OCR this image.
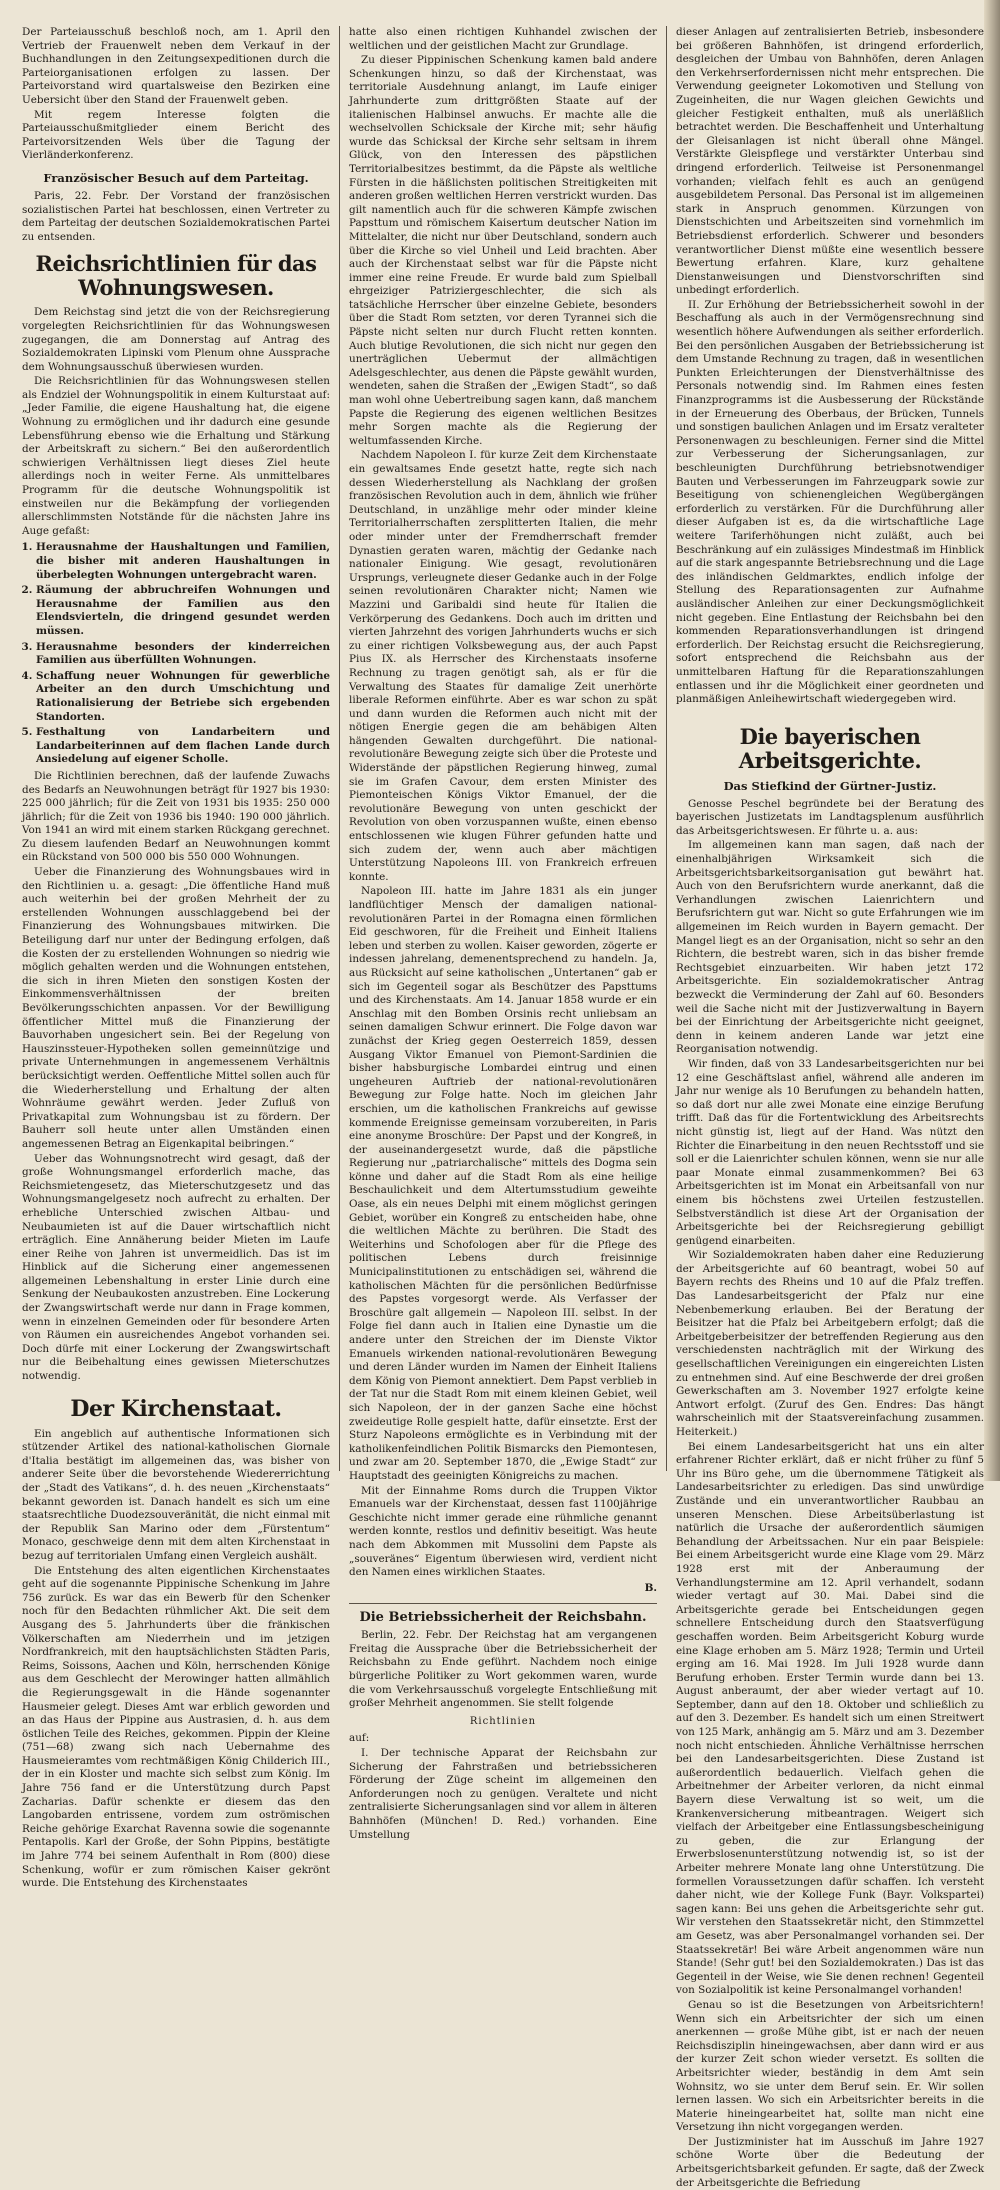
Der Parteiausschuß beschloß noch, am 1. April den Vertrieb der Frauenwelt neben dem Verkauf in der Buchhandlungen in den Zeitungsexpeditionen durch die Parteiorganisationen erfolgen zu lassen. Der Parteivorstand wird quartalsweise den Bezirken eine Uebersicht über den Stand der Frauenwelt geben.

Mit regem Interesse folgten die Parteiausschußmitglieder einem Bericht des Parteivorsitzenden Wels über die Tagung der Vierländerkonferenz.

Französischer Besuch auf dem Parteitag.

Paris, 22. Febr. Der Vorstand der französischen sozialistischen Partei hat beschlossen, einen Vertreter zu dem Parteitag der deutschen Sozialdemokratischen Partei zu entsenden.

Reichsrichtlinien für das Wohnungswesen.

Dem Reichstag sind jetzt die von der Reichsregierung vorgelegten Reichsrichtlinien für das Wohnungswesen zugegangen, die am Donnerstag auf Antrag des Sozialdemokraten Lipinski vom Plenum ohne Aussprache dem Wohnungsausschuß überwiesen wurden.

Die Reichsrichtlinien für das Wohnungswesen stellen als Endziel der Wohnungspolitik in einem Kulturstaat auf: „Jeder Familie, die eigene Haushaltung hat, die eigene Wohnung zu ermöglichen und ihr dadurch eine gesunde Lebensführung ebenso wie die Erhaltung und Stärkung der Arbeitskraft zu sichern.“ Bei den außerordentlich schwierigen Verhältnissen liegt dieses Ziel heute allerdings noch in weiter Ferne. Als unmittelbares Programm für die deutsche Wohnungspolitik ist einstweilen nur die Bekämpfung der vorliegenden allerschlimmsten Notstände für die nächsten Jahre ins Auge gefaßt:

1. Herausnahme der Haushaltungen und Familien, die bisher mit anderen Haushaltungen in überbelegten Wohnungen untergebracht waren.
2. Räumung der abbruchreifen Wohnungen und Herausnahme der Familien aus den Elendsvierteln, die dringend gesundet werden müssen.
3. Herausnahme besonders der kinderreichen Familien aus überfüllten Wohnungen.
4. Schaffung neuer Wohnungen für gewerbliche Arbeiter an den durch Umschichtung und Rationalisierung der Betriebe sich ergebenden Standorten.
5. Festhaltung von Landarbeitern und Landarbeiterinnen auf dem flachen Lande durch Ansiedelung auf eigener Scholle.

Die Richtlinien berechnen, daß der laufende Zuwachs des Bedarfs an Neuwohnungen beträgt für 1927 bis 1930: 225 000 jährlich; für die Zeit von 1931 bis 1935: 250 000 jährlich; für die Zeit von 1936 bis 1940: 190 000 jährlich. Von 1941 an wird mit einem starken Rückgang gerechnet. Zu diesem laufenden Bedarf an Neuwohnungen kommt ein Rückstand von 500 000 bis 550 000 Wohnungen.

Ueber die Finanzierung des Wohnungsbaues wird in den Richtlinien u. a. gesagt: „Die öffentliche Hand muß auch weiterhin bei der großen Mehrheit der zu erstellenden Wohnungen ausschlaggebend bei der Finanzierung des Wohnungsbaues mitwirken. Die Beteiligung darf nur unter der Bedingung erfolgen, daß die Kosten der zu erstellenden Wohnungen so niedrig wie möglich gehalten werden und die Wohnungen entstehen, die sich in ihren Mieten den sonstigen Kosten der Einkommensverhältnissen der breiten Bevölkerungsschichten anpassen. Vor der Bewilligung öffentlicher Mittel muß die Finanzierung der Bauvorhaben ungesichert sein. Bei der Regelung von Hauszinssteuer-Hypotheken sollen gemeinnützige und private Unternehmungen in angemessenem Verhältnis berücksichtigt werden. Oeffentliche Mittel sollen auch für die Wiederherstellung und Erhaltung der alten Wohnräume gewährt werden. Jeder Zufluß von Privatkapital zum Wohnungsbau ist zu fördern. Der Bauherr soll heute unter allen Umständen einen angemessenen Betrag an Eigenkapital beibringen.“

Ueber das Wohnungsnotrecht wird gesagt, daß der große Wohnungsmangel erforderlich mache, das Reichsmietengesetz, das Mieterschutzgesetz und das Wohnungsmangelgesetz noch aufrecht zu erhalten. Der erhebliche Unterschied zwischen Altbau- und Neubaumieten ist auf die Dauer wirtschaftlich nicht erträglich. Eine Annäherung beider Mieten im Laufe einer Reihe von Jahren ist unvermeidlich. Das ist im Hinblick auf die Sicherung einer angemessenen allgemeinen Lebenshaltung in erster Linie durch eine Senkung der Neubaukosten anzustreben. Eine Lockerung der Zwangswirtschaft werde nur dann in Frage kommen, wenn in einzelnen Gemeinden oder für besondere Arten von Räumen ein ausreichendes Angebot vorhanden sei. Doch dürfe mit einer Lockerung der Zwangswirtschaft nur die Beibehaltung eines gewissen Mieterschutzes notwendig.

Der Kirchenstaat.

Ein angeblich auf authentische Informationen sich stützender Artikel des national-katholischen Giornale d'Italia bestätigt im allgemeinen das, was bisher von anderer Seite über die bevorstehende Wiedererrichtung der „Stadt des Vatikans“, d. h. des neuen „Kirchenstaats“ bekannt geworden ist. Danach handelt es sich um eine staatsrechtliche Duodezsouveränität, die nicht einmal mit der Republik San Marino oder dem „Fürstentum“ Monaco, geschweige denn mit dem alten Kirchenstaat in bezug auf territorialen Umfang einen Vergleich aushält.

Die Entstehung des alten eigentlichen Kirchenstaates geht auf die sogenannte Pippinische Schenkung im Jahre 756 zurück. Es war das ein Bewerb für den Schenker noch für den Bedachten rühmlicher Akt. Die seit dem Ausgang des 5. Jahrhunderts über die fränkischen Völkerschaften am Niederrhein und im jetzigen Nordfrankreich, mit den hauptsächlichsten Städten Paris, Reims, Soissons, Aachen und Köln, herrschenden Könige aus dem Geschlecht der Merowinger hatten allmählich die Regierungsgewalt in die Hände sogenannter Hausmeier gelegt. Dieses Amt war erblich geworden und an das Haus der Pippine aus Austrasien, d. h. aus dem östlichen Teile des Reiches, gekommen. Pippin der Kleine (751—68) zwang sich nach Uebernahme des Hausmeieramtes vom rechtmäßigen König Childerich III., der in ein Kloster und machte sich selbst zum König. Im Jahre 756 fand er die Unterstützung durch Papst Zacharias. Dafür schenkte er diesem das den Langobarden entrissene, vordem zum oströmischen Reiche gehörige Exarchat Ravenna sowie die sogenannte Pentapolis. Karl der Große, der Sohn Pippins, bestätigte im Jahre 774 bei seinem Aufenthalt in Rom (800) diese Schenkung, wofür er zum römischen Kaiser gekrönt wurde. Die Entstehung des Kirchenstaates

hatte also einen richtigen Kuhhandel zwischen der weltlichen und der geistlichen Macht zur Grundlage.

Zu dieser Pippinischen Schenkung kamen bald andere Schenkungen hinzu, so daß der Kirchenstaat, was territoriale Ausdehnung anlangt, im Laufe einiger Jahrhunderte zum drittgrößten Staate auf der italienischen Halbinsel anwuchs. Er machte alle die wechselvollen Schicksale der Kirche mit; sehr häufig wurde das Schicksal der Kirche sehr seltsam in ihrem Glück, von den Interessen des päpstlichen Territorialbesitzes bestimmt, da die Päpste als weltliche Fürsten in die häßlichsten politischen Streitigkeiten mit anderen großen weltlichen Herren verstrickt wurden. Das gilt namentlich auch für die schweren Kämpfe zwischen Papsttum und römischem Kaisertum deutscher Nation im Mittelalter, die nicht nur über Deutschland, sondern auch über die Kirche so viel Unheil und Leid brachten. Aber auch der Kirchenstaat selbst war für die Päpste nicht immer eine reine Freude. Er wurde bald zum Spielball ehrgeiziger Patriziergeschlechter, die sich als tatsächliche Herrscher über einzelne Gebiete, besonders über die Stadt Rom setzten, vor deren Tyrannei sich die Päpste nicht selten nur durch Flucht retten konnten. Auch blutige Revolutionen, die sich nicht nur gegen den unerträglichen Uebermut der allmächtigen Adelsgeschlechter, aus denen die Päpste gewählt wurden, wendeten, sahen die Straßen der „Ewigen Stadt“, so daß man wohl ohne Uebertreibung sagen kann, daß manchem Papste die Regierung des eigenen weltlichen Besitzes mehr Sorgen machte als die Regierung der weltumfassenden Kirche.

Nachdem Napoleon I. für kurze Zeit dem Kirchenstaate ein gewaltsames Ende gesetzt hatte, regte sich nach dessen Wiederherstellung als Nachklang der großen französischen Revolution auch in dem, ähnlich wie früher Deutschland, in unzählige mehr oder minder kleine Territorialherrschaften zersplitterten Italien, die mehr oder minder unter der Fremdherrschaft fremder Dynastien geraten waren, mächtig der Gedanke nach nationaler Einigung. Wie gesagt, revolutionären Ursprungs, verleugnete dieser Gedanke auch in der Folge seinen revolutionären Charakter nicht; Namen wie Mazzini und Garibaldi sind heute für Italien die Verkörperung des Gedankens. Doch auch im dritten und vierten Jahrzehnt des vorigen Jahrhunderts wuchs er sich zu einer richtigen Volksbewegung aus, der auch Papst Pius IX. als Herrscher des Kirchenstaats insoferne Rechnung zu tragen genötigt sah, als er für die Verwaltung des Staates für damalige Zeit unerhörte liberale Reformen einführte. Aber es war schon zu spät und dann wurden die Reformen auch nicht mit der nötigen Energie gegen die am behäbigen Alten hängenden Gewalten durchgeführt. Die national-revolutionäre Bewegung zeigte sich über die Proteste und Widerstände der päpstlichen Regierung hinweg, zumal sie im Grafen Cavour, dem ersten Minister des Piemonteischen Königs Viktor Emanuel, der die revolutionäre Bewegung von unten geschickt der Revolution von oben vorzuspannen wußte, einen ebenso entschlossenen wie klugen Führer gefunden hatte und sich zudem der, wenn auch aber mächtigen Unterstützung Napoleons III. von Frankreich erfreuen konnte.

Napoleon III. hatte im Jahre 1831 als ein junger landflüchtiger Mensch der damaligen national-revolutionären Partei in der Romagna einen förmlichen Eid geschworen, für die Freiheit und Einheit Italiens leben und sterben zu wollen. Kaiser geworden, zögerte er indessen jahrelang, demenentsprechend zu handeln. Ja, aus Rücksicht auf seine katholischen „Untertanen“ gab er sich im Gegenteil sogar als Beschützer des Papsttums und des Kirchenstaats. Am 14. Januar 1858 wurde er ein Anschlag mit den Bomben Orsinis recht unliebsam an seinen damaligen Schwur erinnert. Die Folge davon war zunächst der Krieg gegen Oesterreich 1859, dessen Ausgang Viktor Emanuel von Piemont-Sardinien die bisher habsburgische Lombardei eintrug und einen ungeheuren Auftrieb der national-revolutionären Bewegung zur Folge hatte. Noch im gleichen Jahr erschien, um die katholischen Frankreichs auf gewisse kommende Ereignisse gemeinsam vorzubereiten, in Paris eine anonyme Broschüre: Der Papst und der Kongreß, in der auseinandergesetzt wurde, daß die päpstliche Regierung nur „patriarchalische“ mittels des Dogma sein könne und daher auf die Stadt Rom als eine heilige Beschaulichkeit und dem Altertumsstudium geweihte Oase, als ein neues Delphi mit einem möglichst geringen Gebiet, worüber ein Kongreß zu entscheiden habe, ohne die weltlichen Mächte zu berühren. Die Stadt des Weiterhins und Schofologen aber für die Pflege des politischen Lebens durch freisinnige Municipalinstitutionen zu entschädigen sei, während die katholischen Mächten für die persönlichen Bedürfnisse des Papstes vorgesorgt werde. Als Verfasser der Broschüre galt allgemein — Napoleon III. selbst. In der Folge fiel dann auch in Italien eine Dynastie um die andere unter den Streichen der im Dienste Viktor Emanuels wirkenden national-revolutionären Bewegung und deren Länder wurden im Namen der Einheit Italiens dem König von Piemont annektiert. Dem Papst verblieb in der Tat nur die Stadt Rom mit einem kleinen Gebiet, weil sich Napoleon, der in der ganzen Sache eine höchst zweideutige Rolle gespielt hatte, dafür einsetzte. Erst der Sturz Napoleons ermöglichte es in Verbindung mit der katholikenfeindlichen Politik Bismarcks den Piemontesen, und zwar am 20. September 1870, die „Ewige Stadt“ zur Hauptstadt des geeinigten Königreichs zu machen.

Mit der Einnahme Roms durch die Truppen Viktor Emanuels war der Kirchenstaat, dessen fast 1100jährige Geschichte nicht immer gerade eine rühmliche genannt werden konnte, restlos und definitiv beseitigt. Was heute nach dem Abkommen mit Mussolini dem Papste als „souveränes“ Eigentum überwiesen wird, verdient nicht den Namen eines wirklichen Staates.

B.
Die Betriebssicherheit der Reichsbahn.

Berlin, 22. Febr. Der Reichstag hat am vergangenen Freitag die Aussprache über die Betriebssicherheit der Reichsbahn zu Ende geführt. Nachdem noch einige bürgerliche Politiker zu Wort gekommen waren, wurde die vom Verkehrsausschuß vorgelegte Entschließung mit großer Mehrheit angenommen. Sie stellt folgende

Richtlinien

auf:

I. Der technische Apparat der Reichsbahn zur Sicherung der Fahrstraßen und betriebssicheren Förderung der Züge scheint im allgemeinen den Anforderungen noch zu genügen. Veraltete und nicht zentralisierte Sicherungsanlagen sind vor allem in älteren Bahnhöfen (München! D. Red.) vorhanden. Eine Umstellung

dieser Anlagen auf zentralisierten Betrieb, insbesondere bei größeren Bahnhöfen, ist dringend erforderlich, desgleichen der Umbau von Bahnhöfen, deren Anlagen den Verkehrserfordernissen nicht mehr entsprechen. Die Verwendung geeigneter Lokomotiven und Stellung von Zugeinheiten, die nur Wagen gleichen Gewichts und gleicher Festigkeit enthalten, muß als unerläßlich betrachtet werden. Die Beschaffenheit und Unterhaltung der Gleisanlagen ist nicht überall ohne Mängel. Verstärkte Gleispflege und verstärkter Unterbau sind dringend erforderlich. Teilweise ist Personenmangel vorhanden; vielfach fehlt es auch an genügend ausgebildetem Personal. Das Personal ist im allgemeinen stark in Anspruch genommen. Kürzungen von Dienstschichten und Arbeitszeiten sind vornehmlich im Betriebsdienst erforderlich. Schwerer und besonders verantwortlicher Dienst müßte eine wesentlich bessere Bewertung erfahren. Klare, kurz gehaltene Dienstanweisungen und Dienstvorschriften sind unbedingt erforderlich.

II. Zur Erhöhung der Betriebssicherheit sowohl in der Beschaffung als auch in der Vermögensrechnung sind wesentlich höhere Aufwendungen als seither erforderlich. Bei den persönlichen Ausgaben der Betriebssicherung ist dem Umstande Rechnung zu tragen, daß in wesentlichen Punkten Erleichterungen der Dienstverhältnisse des Personals notwendig sind. Im Rahmen eines festen Finanzprogramms ist die Ausbesserung der Rückstände in der Erneuerung des Oberbaus, der Brücken, Tunnels und sonstigen baulichen Anlagen und im Ersatz veralteter Personenwagen zu beschleunigen. Ferner sind die Mittel zur Verbesserung der Sicherungsanlagen, zur beschleunigten Durchführung betriebsnotwendiger Bauten und Verbesserungen im Fahrzeugpark sowie zur Beseitigung von schienengleichen Wegübergängen erforderlich zu verstärken. Für die Durchführung aller dieser Aufgaben ist es, da die wirtschaftliche Lage weitere Tariferhöhungen nicht zuläßt, auch bei Beschränkung auf ein zulässiges Mindestmaß im Hinblick auf die stark angespannte Betriebsrechnung und die Lage des inländischen Geldmarktes, endlich infolge der Stellung des Reparationsagenten zur Aufnahme ausländischer Anleihen zur einer Deckungsmöglichkeit nicht gegeben. Eine Entlastung der Reichsbahn bei den kommenden Reparationsverhandlungen ist dringend erforderlich. Der Reichstag ersucht die Reichsregierung, sofort entsprechend die Reichsbahn aus der unmittelbaren Haftung für die Reparationszahlungen entlassen und ihr die Möglichkeit einer geordneten und planmäßigen Anleihewirtschaft wiedergegeben wird.

Die bayerischen Arbeitsgerichte.
Das Stiefkind der Gürtner-Justiz.

Genosse Peschel begründete bei der Beratung des bayerischen Justizetats im Landtagsplenum ausführlich das Arbeitsgerichtswesen. Er führte u. a. aus:

Im allgemeinen kann man sagen, daß nach der einenhalbjährigen Wirksamkeit sich die Arbeitsgerichtsbarkeitsorganisation gut bewährt hat. Auch von den Berufsrichtern wurde anerkannt, daß die Verhandlungen zwischen Laienrichtern und Berufsrichtern gut war. Nicht so gute Erfahrungen wie im allgemeinen im Reich wurden in Bayern gemacht. Der Mangel liegt es an der Organisation, nicht so sehr an den Richtern, die bestrebt waren, sich in das bisher fremde Rechtsgebiet einzuarbeiten. Wir haben jetzt 172 Arbeitsgerichte. Ein sozialdemokratischer Antrag bezweckt die Verminderung der Zahl auf 60. Besonders weil die Sache nicht mit der Justizverwaltung in Bayern bei der Einrichtung der Arbeitsgerichte nicht geeignet, denn in keinem anderen Lande war jetzt eine Reorganisation notwendig.

Wir finden, daß von 33 Landesarbeitsgerichten nur bei 12 eine Geschäftslast anfiel, während alle anderen im Jahr nur wenige als 10 Berufungen zu behandeln hatten, so daß dort nur alle zwei Monate eine einzige Berufung trifft. Daß das für die Fortentwicklung des Arbeitsrechts nicht günstig ist, liegt auf der Hand. Was nützt den Richter die Einarbeitung in den neuen Rechtsstoff und sie soll er die Laienrichter schulen können, wenn sie nur alle paar Monate einmal zusammenkommen? Bei 63 Arbeitsgerichten ist im Monat ein Arbeitsanfall von nur einem bis höchstens zwei Urteilen festzustellen. Selbstverständlich ist diese Art der Organisation der Arbeitsgerichte bei der Reichsregierung gebilligt genügend einarbeiten.

Wir Sozialdemokraten haben daher eine Reduzierung der Arbeitsgerichte auf 60 beantragt, wobei 50 auf Bayern rechts des Rheins und 10 auf die Pfalz treffen. Das Landesarbeitsgericht der Pfalz nur eine Nebenbemerkung erlauben. Bei der Beratung der Beisitzer hat die Pfalz bei Arbeitgebern erfolgt; daß die Arbeitgeberbeisitzer der betreffenden Regierung aus den verschiedensten nachträglich mit der Wirkung des gesellschaftlichen Vereinigungen ein eingereichten Listen zu entnehmen sind. Auf eine Beschwerde der drei großen Gewerkschaften am 3. November 1927 erfolgte keine Antwort erfolgt. (Zuruf des Gen. Endres: Das hängt wahrscheinlich mit der Staatsvereinfachung zusammen. Heiterkeit.)

Bei einem Landesarbeitsgericht hat uns ein alter erfahrener Richter erklärt, daß er nicht früher zu fünf 5 Uhr ins Büro gehe, um die übernommene Tätigkeit als Landesarbeitsrichter zu erledigen. Das sind unwürdige Zustände und ein unverantwortlicher Raubbau an unseren Menschen. Diese Arbeitsüberlastung ist natürlich die Ursache der außerordentlich säumigen Behandlung der Arbeitssachen. Nur ein paar Beispiele: Bei einem Arbeitsgericht wurde eine Klage vom 29. März 1928 erst mit der Anberaumung der Verhandlungstermine am 12. April verhandelt, sodann wieder vertagt auf 30. Mai. Dabei sind die Arbeitsgerichte gerade bei Entscheidungen gegen schnellere Entscheidung durch den Staatsverfügung geschaffen worden. Beim Arbeitsgericht Koburg wurde eine Klage erhoben am 5. März 1928; Termin und Urteil erging am 16. Mai 1928. Im Juli 1928 wurde dann Berufung erhoben. Erster Termin wurde dann bei 13. August anberaumt, der aber wieder vertagt auf 10. September, dann auf den 18. Oktober und schließlich zu auf den 3. Dezember. Es handelt sich um einen Streitwert von 125 Mark, anhängig am 5. März und am 3. Dezember noch nicht entschieden. Ähnliche Verhältnisse herrschen bei den Landesarbeitsgerichten. Diese Zustand ist außerordentlich bedauerlich. Vielfach gehen die Arbeitnehmer der Arbeiter verloren, da nicht einmal Bayern diese Verwaltung ist so weit, um die Krankenversicherung mitbeantragen. Weigert sich vielfach der Arbeitgeber eine Entlassungsbescheinigung zu geben, die zur Erlangung der Erwerbslosenunterstützung notwendig ist, so ist der Arbeiter mehrere Monate lang ohne Unterstützung. Die formellen Voraussetzungen dafür schaffen. Ich versteht daher nicht, wie der Kollege Funk (Bayr. Volkspartei) sagen kann: Bei uns gehen die Arbeitsgerichte sehr gut. Wir verstehen den Staatssekretär nicht, den Stimmzettel am Gesetz, was aber Personalmangel vorhanden sei. Der Staatssekretär! Bei wäre Arbeit angenommen wäre nun Stande! (Sehr gut! bei den Sozialdemokraten.) Das ist das Gegenteil in der Weise, wie Sie denen rechnen! Gegenteil von Sozialpolitik ist keine Personalmangel vorhanden!

Genau so ist die Besetzungen von Arbeitsrichtern! Wenn sich ein Arbeitsrichter der sich um einen anerkennen — große Mühe gibt, ist er nach der neuen Reichsdisziplin hineingewachsen, aber dann wird er aus der kurzer Zeit schon wieder versetzt. Es sollten die Arbeitsrichter wieder, beständig in dem Amt sein Wohnsitz, wo sie unter dem Beruf sein. Er. Wir sollen lernen lassen. Wo sich ein Arbeitsrichter bereits in die Materie hineingearbeitet hat, sollte man nicht eine Versetzung ihn nicht vorgegangen werden.

Der Justizminister hat im Ausschuß im Jahre 1927 schöne Worte über die Bedeutung der Arbeitsgerichtsbarkeit gefunden. Er sagte, daß der Zweck der Arbeitsgerichte die Befriedung
